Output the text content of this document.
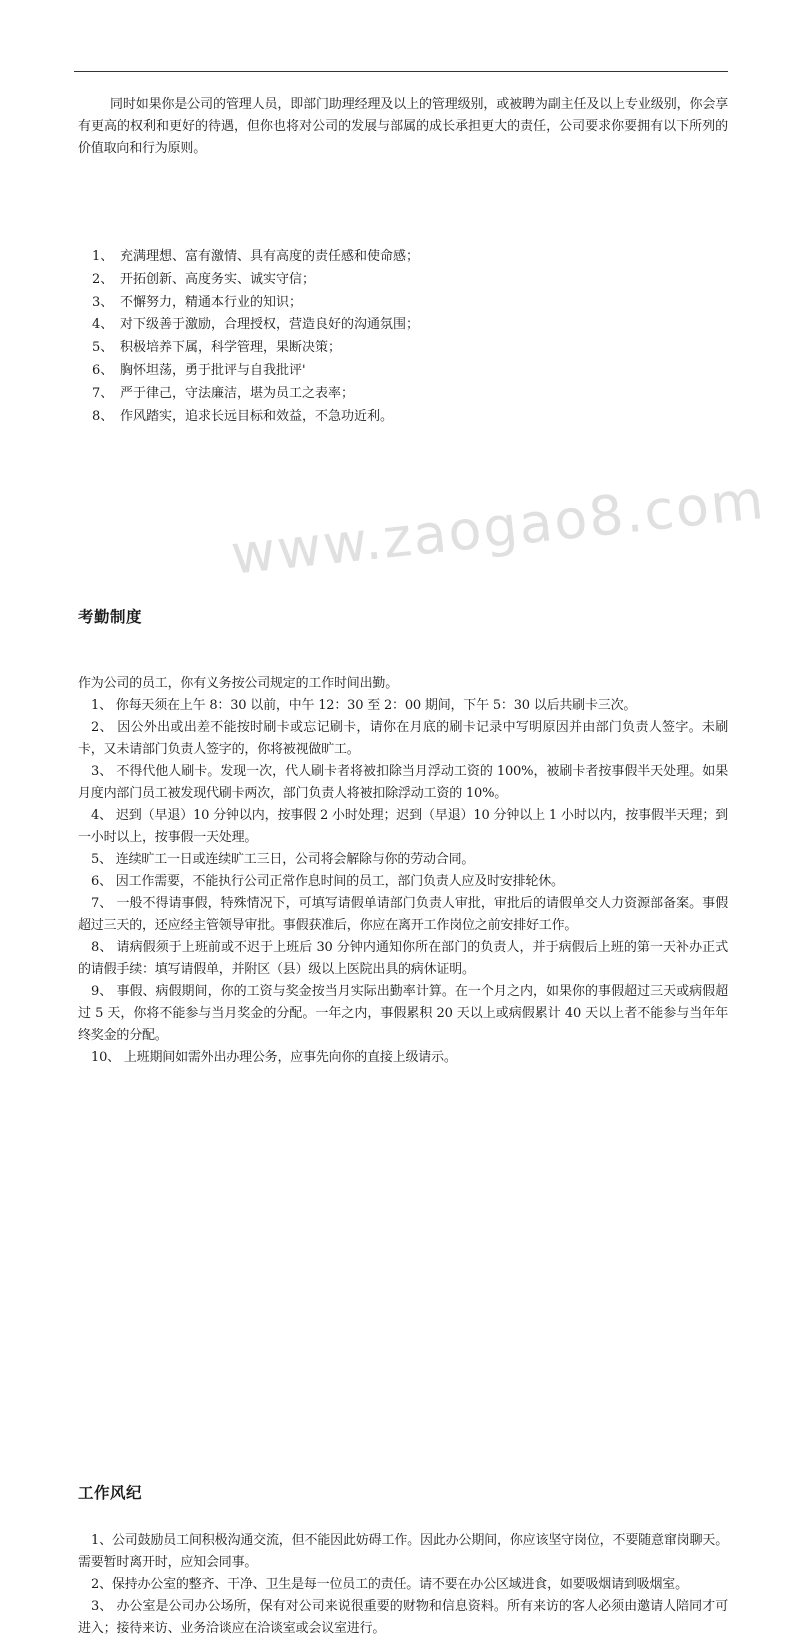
www.zaogao8.com

同时如果你是公司的管理人员，即部门助理经理及以上的管理级别，或被聘为副主任及以上专业级别，你会享有更高的权利和更好的待遇，但你也将对公司的发展与部属的成长承担更大的责任，公司要求你要拥有以下所列的价值取向和行为原则。

1、 充满理想、富有激情、具有高度的责任感和使命感；
2、 开拓创新、高度务实、诚实守信；
3、 不懈努力，精通本行业的知识；
4、 对下级善于激励，合理授权，营造良好的沟通氛围；
5、 积极培养下属，科学管理，果断决策；
6、 胸怀坦荡，勇于批评与自我批评'
7、 严于律己，守法廉洁，堪为员工之表率；
8、 作风踏实，追求长远目标和效益，不急功近利。
考勤制度

作为公司的员工，你有义务按公司规定的工作时间出勤。

1、 你每天须在上午 8：30 以前，中午 12：30 至 2：00 期间，下午 5：30 以后共刷卡三次。

2、 因公外出或出差不能按时刷卡或忘记刷卡，请你在月底的刷卡记录中写明原因并由部门负责人签字。未刷卡，又未请部门负责人签字的，你将被视做旷工。

3、 不得代他人刷卡。发现一次，代人刷卡者将被扣除当月浮动工资的 100%，被刷卡者按事假半天处理。如果月度内部门员工被发现代刷卡两次，部门负责人将被扣除浮动工资的 10%。

4、 迟到（早退）10 分钟以内，按事假 2 小时处理；迟到（早退）10 分钟以上 1 小时以内，按事假半天理；到一小时以上，按事假一天处理。

5、 连续旷工一日或连续旷工三日，公司将会解除与你的劳动合同。

6、 因工作需要，不能执行公司正常作息时间的员工，部门负责人应及时安排轮休。

7、 一般不得请事假，特殊情况下，可填写请假单请部门负责人审批，审批后的请假单交人力资源部备案。事假超过三天的，还应经主管领导审批。事假获准后，你应在离开工作岗位之前安排好工作。

8、 请病假须于上班前或不迟于上班后 30 分钟内通知你所在部门的负责人，并于病假后上班的第一天补办正式的请假手续：填写请假单，并附区（县）级以上医院出具的病休证明。

9、 事假、病假期间，你的工资与奖金按当月实际出勤率计算。在一个月之内，如果你的事假超过三天或病假超过 5 天，你将不能参与当月奖金的分配。一年之内，事假累积 20 天以上或病假累计 40 天以上者不能参与当年年终奖金的分配。

10、 上班期间如需外出办理公务，应事先向你的直接上级请示。

工作风纪

1、公司鼓励员工间积极沟通交流，但不能因此妨碍工作。因此办公期间，你应该坚守岗位，不要随意窜岗聊天。需要暂时离开时，应知会同事。

2、保持办公室的整齐、干净、卫生是每一位员工的责任。请不要在办公区域进食，如要吸烟请到吸烟室。

3、 办公室是公司办公场所，保有对公司来说很重要的财物和信息资料。所有来访的客人必须由邀请人陪同才可进入；接待来访、业务洽谈应在洽谈室或会议室进行。
